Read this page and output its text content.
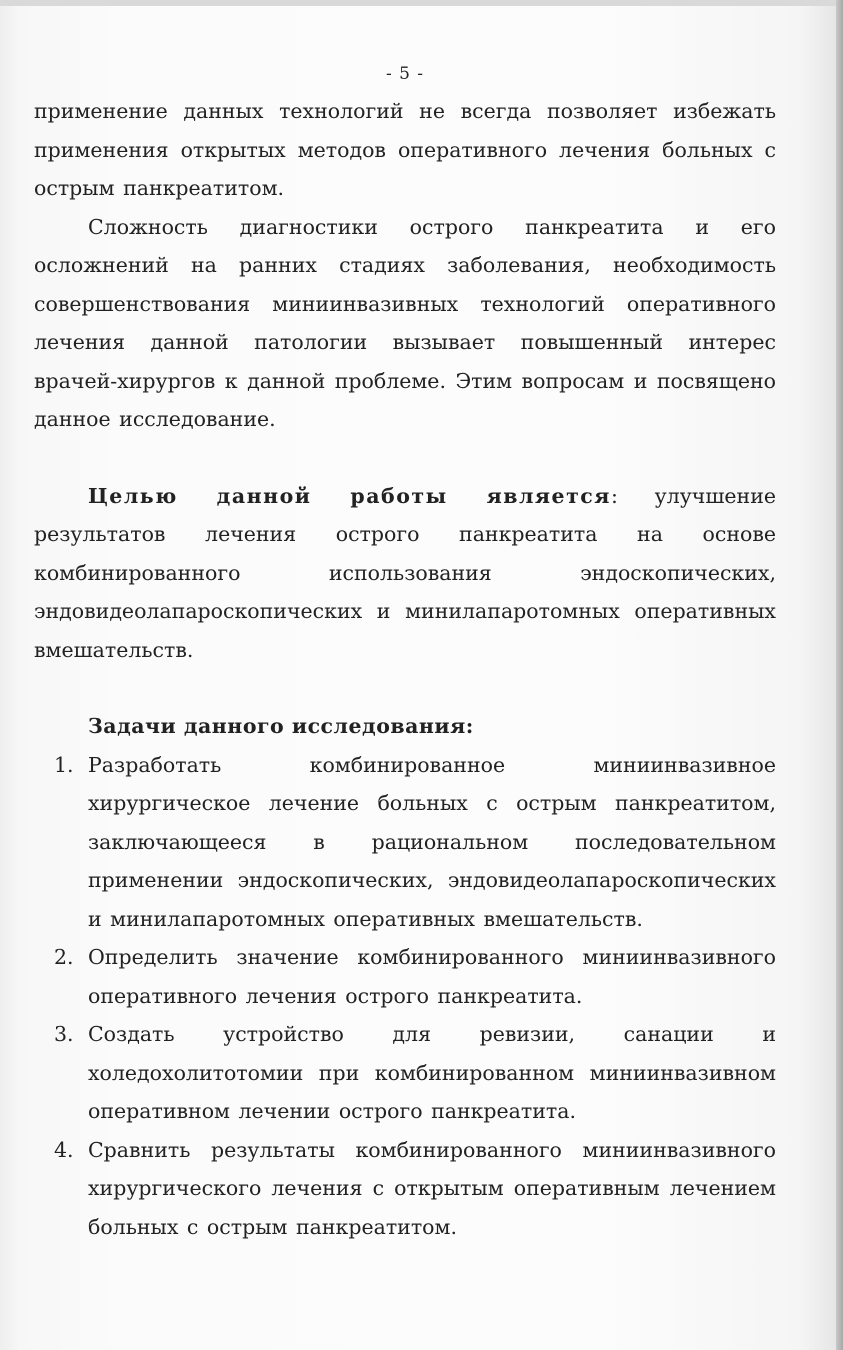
- 5 -

применение данных технологий не всегда позволяет избежать применения открытых методов оперативного лечения больных с острым панкреатитом.

Сложность диагностики острого панкреатита и его осложнений на ранних стадиях заболевания, необходимость совершенствования миниинвазивных технологий оперативного лечения данной патологии вызывает повышенный интерес врачей-хирургов к данной проблеме. Этим вопросам и посвящено данное исследование.

Целью данной работы является: улучшение результатов лечения острого панкреатита на основе комбинированного использования эндоскопических, эндовидеолапароскопических и минилапаротомных оперативных вмешательств.

Задачи данного исследования:

1. Разработать комбинированное миниинвазивное хирургическое лечение больных с острым панкреатитом, заключающееся в рациональном последовательном применении эндоскопических, эндовидеолапароскопических и минилапаротомных оперативных вмешательств.
2. Определить значение комбинированного миниинвазивного оперативного лечения острого панкреатита.
3. Создать устройство для ревизии, санации и холедохолитотомии при комбинированном миниинвазивном оперативном лечении острого панкреатита.
4. Сравнить результаты комбинированного миниинвазивного хирургического лечения с открытым оперативным лечением больных с острым панкреатитом.
